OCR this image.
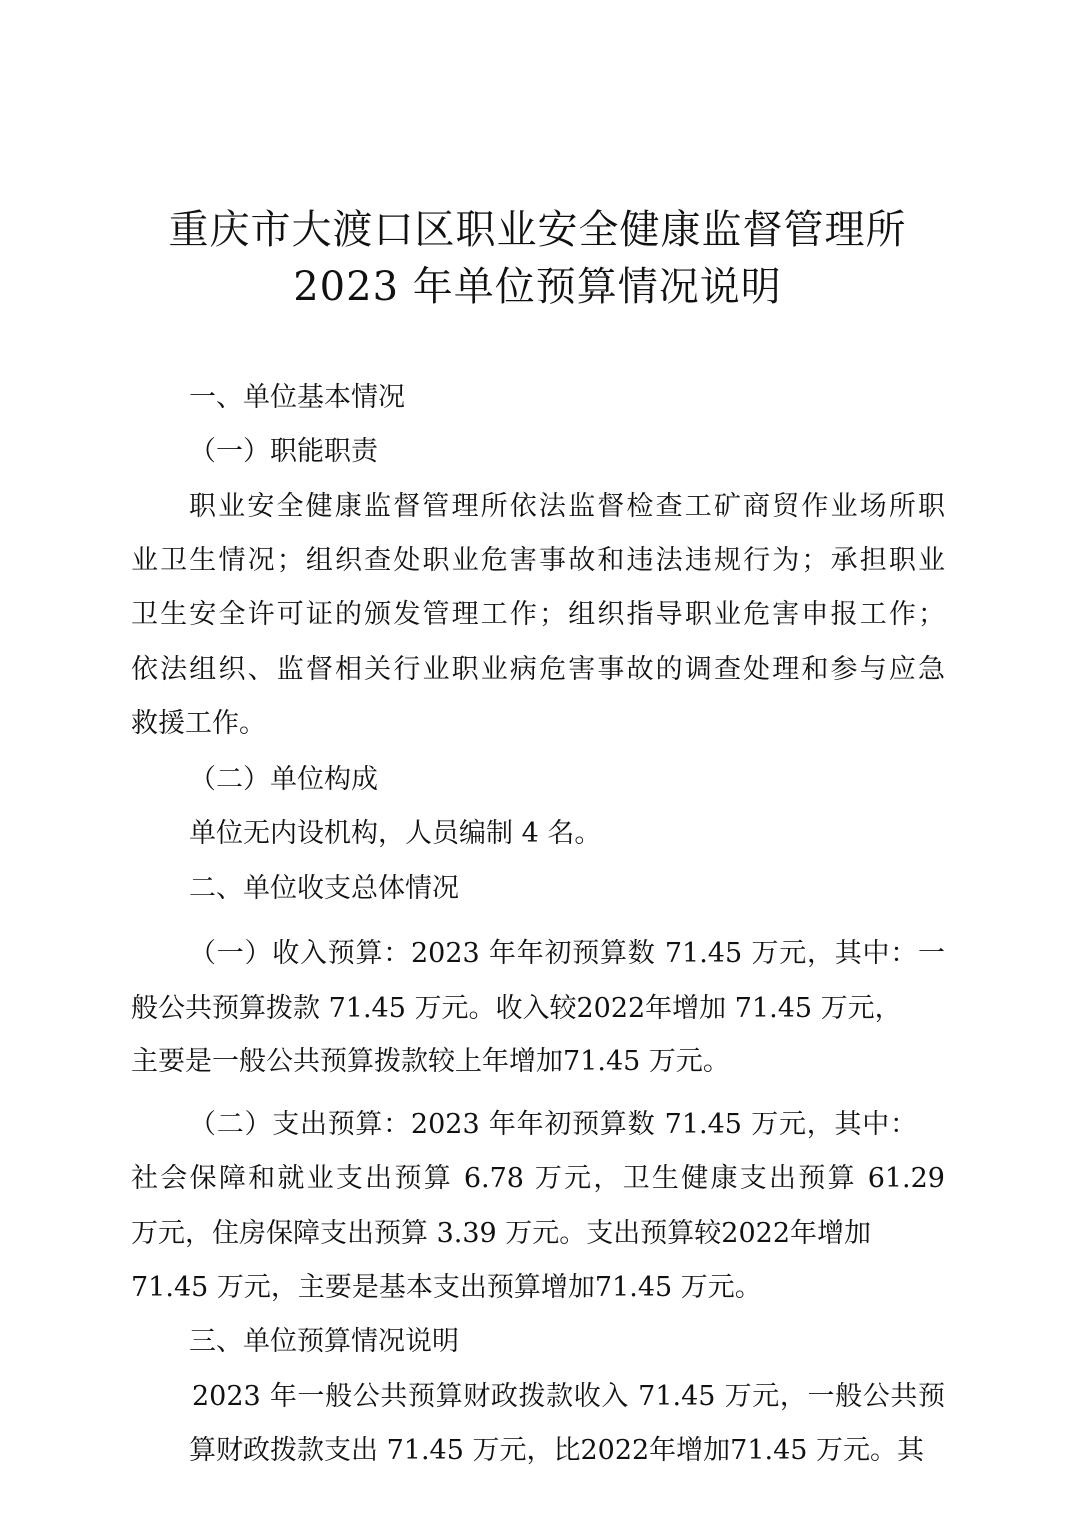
重庆市大渡口区职业安全健康监督管理所
2023 年单位预算情况说明
一、单位基本情况
（一）职能职责
职业安全健康监督管理所依法监督检查工矿商贸作业场所职
业卫生情况；组织查处职业危害事故和违法违规行为；承担职业
卫生安全许可证的颁发管理工作；组织指导职业危害申报工作；
依法组织、监督相关行业职业病危害事故的调查处理和参与应急
救援工作。
（二）单位构成
单位无内设机构，人员编制 4 名。
二、单位收支总体情况
（一）收入预算：2023 年年初预算数 71.45 万元，其中：一
般公共预算拨款 71.45 万元。收入较2022年增加 71.45 万元，
主要是一般公共预算拨款较上年增加71.45 万元。
（二）支出预算：2023 年年初预算数 71.45 万元，其中：
社会保障和就业支出预算 6.78 万元，卫生健康支出预算 61.29
万元，住房保障支出预算 3.39 万元。支出预算较2022年增加
71.45 万元，主要是基本支出预算增加71.45 万元。
三、单位预算情况说明
2023 年一般公共预算财政拨款收入 71.45 万元，一般公共预
算财政拨款支出 71.45 万元，比2022年增加71.45 万元。其
